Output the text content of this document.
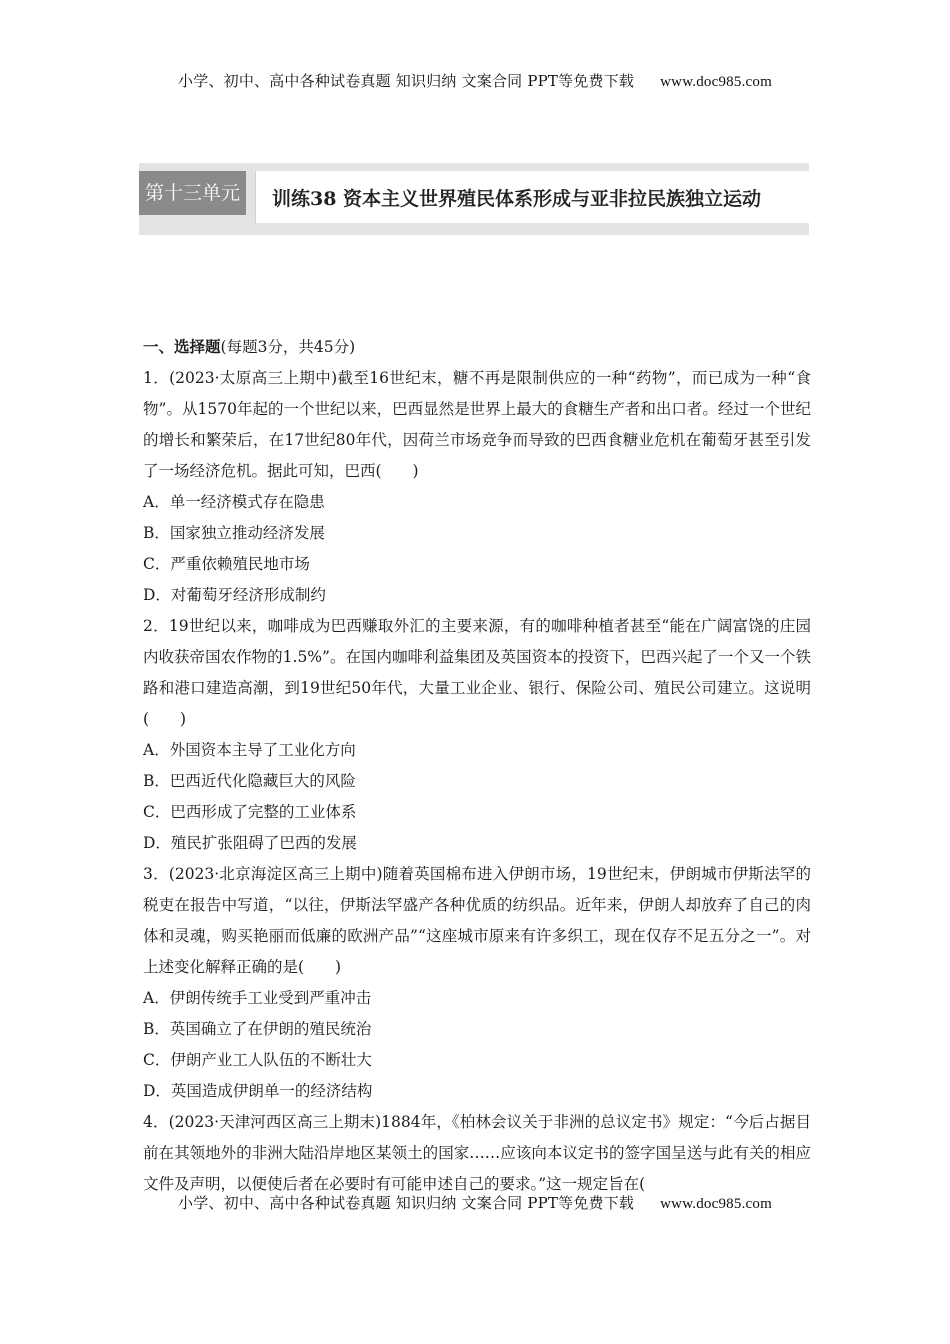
小学、初中、高中各种试卷真题 知识归纳 文案合同 PPT等免费下载 www.doc985.com
第十三单元	训练38 资本主义世界殖民体系形成与亚非拉民族独立运动
一、选择题(每题3分，共45分)
1．(2023·太原高三上期中)截至16世纪末，糖不再是限制供应的一种“药物”，而已成为一种“食物”。从1570年起的一个世纪以来，巴西显然是世界上最大的食糖生产者和出口者。经过一个世纪的增长和繁荣后，在17世纪80年代，因荷兰市场竞争而导致的巴西食糖业危机在葡萄牙甚至引发了一场经济危机。据此可知，巴西(　　)
A．单一经济模式存在隐患
B．国家独立推动经济发展
C．严重依赖殖民地市场
D．对葡萄牙经济形成制约
2．19世纪以来，咖啡成为巴西赚取外汇的主要来源，有的咖啡种植者甚至“能在广阔富饶的庄园内收获帝国农作物的1.5%”。在国内咖啡利益集团及英国资本的投资下，巴西兴起了一个又一个铁路和港口建造高潮，到19世纪50年代，大量工业企业、银行、保险公司、殖民公司建立。这说明(　　)
A．外国资本主导了工业化方向
B．巴西近代化隐藏巨大的风险
C．巴西形成了完整的工业体系
D．殖民扩张阻碍了巴西的发展
3．(2023·北京海淀区高三上期中)随着英国棉布进入伊朗市场，19世纪末，伊朗城市伊斯法罕的税吏在报告中写道，“以往，伊斯法罕盛产各种优质的纺织品。近年来，伊朗人却放弃了自己的肉体和灵魂，购买艳丽而低廉的欧洲产品”“这座城市原来有许多织工，现在仅存不足五分之一”。对上述变化解释正确的是(　　)
A．伊朗传统手工业受到严重冲击
B．英国确立了在伊朗的殖民统治
C．伊朗产业工人队伍的不断壮大
D．英国造成伊朗单一的经济结构
4．(2023·天津河西区高三上期末)1884年，《柏林会议关于非洲的总议定书》规定：“今后占据目前在其领地外的非洲大陆沿岸地区某领土的国家……应该向本议定书的签字国呈送与此有关的相应文件及声明，以便使后者在必要时有可能申述自己的要求。”这一规定旨在(
小学、初中、高中各种试卷真题 知识归纳 文案合同 PPT等免费下载 www.doc985.com
